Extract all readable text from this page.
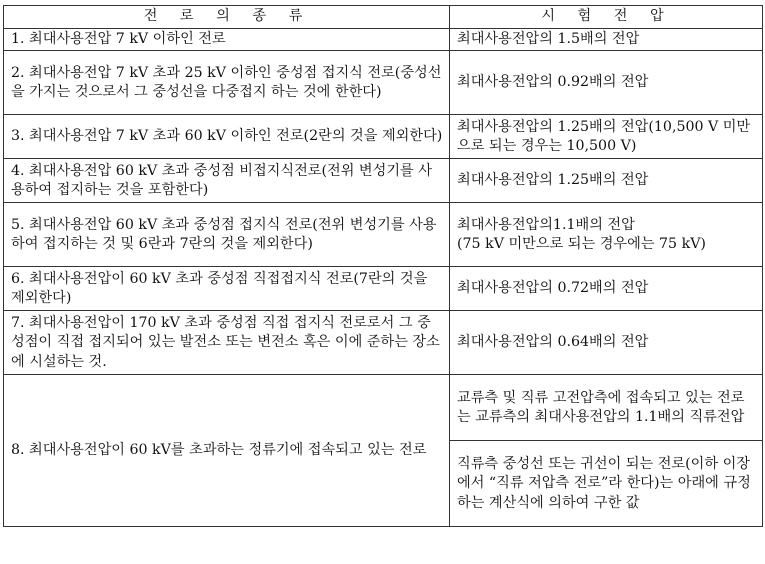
전 로 의 종 류	시 험 전 압
1. 최대사용전압 7 kV 이하인 전로	최대사용전압의 1.5배의 전압
2. 최대사용전압 7 kV 초과 25 kV 이하인 중성점 접지식 전로(중성선을 가지는 것으로서 그 중성선을 다중접지 하는 것에 한한다)	최대사용전압의 0.92배의 전압
3. 최대사용전압 7 kV 초과 60 kV 이하인 전로(2란의 것을 제외한다)	최대사용전압의 1.25배의 전압(10,500 V 미만으로 되는 경우는 10,500 V)
4. 최대사용전압 60 kV 초과 중성점 비접지식전로(전위 변성기를 사용하여 접지하는 것을 포함한다)	최대사용전압의 1.25배의 전압
5. 최대사용전압 60 kV 초과 중성점 접지식 전로(전위 변성기를 사용하여 접지하는 것 및 6란과 7란의 것을 제외한다)	최대사용전압의1.1배의 전압
(75 kV 미만으로 되는 경우에는 75 kV)

6. 최대사용전압이 60 kV 초과 중성점 직접접지식 전로(7란의 것을 제외한다)	최대사용전압의 0.72배의 전압
7. 최대사용전압이 170 kV 초과 중성점 직접 접지식 전로로서 그 중성점이 직접 접지되어 있는 발전소 또는 변전소 혹은 이에 준하는 장소에 시설하는 것.	최대사용전압의 0.64배의 전압
8. 최대사용전압이 60 kV를 초과하는 정류기에 접속되고 있는 전로	교류측 및 직류 고전압측에 접속되고 있는 전로는 교류측의 최대사용전압의 1.1배의 직류전압
	직류측 중성선 또는 귀선이 되는 전로(이하 이장에서 “직류 저압측 전로”라 한다)는 아래에 규정하는 계산식에 의하여 구한 값
